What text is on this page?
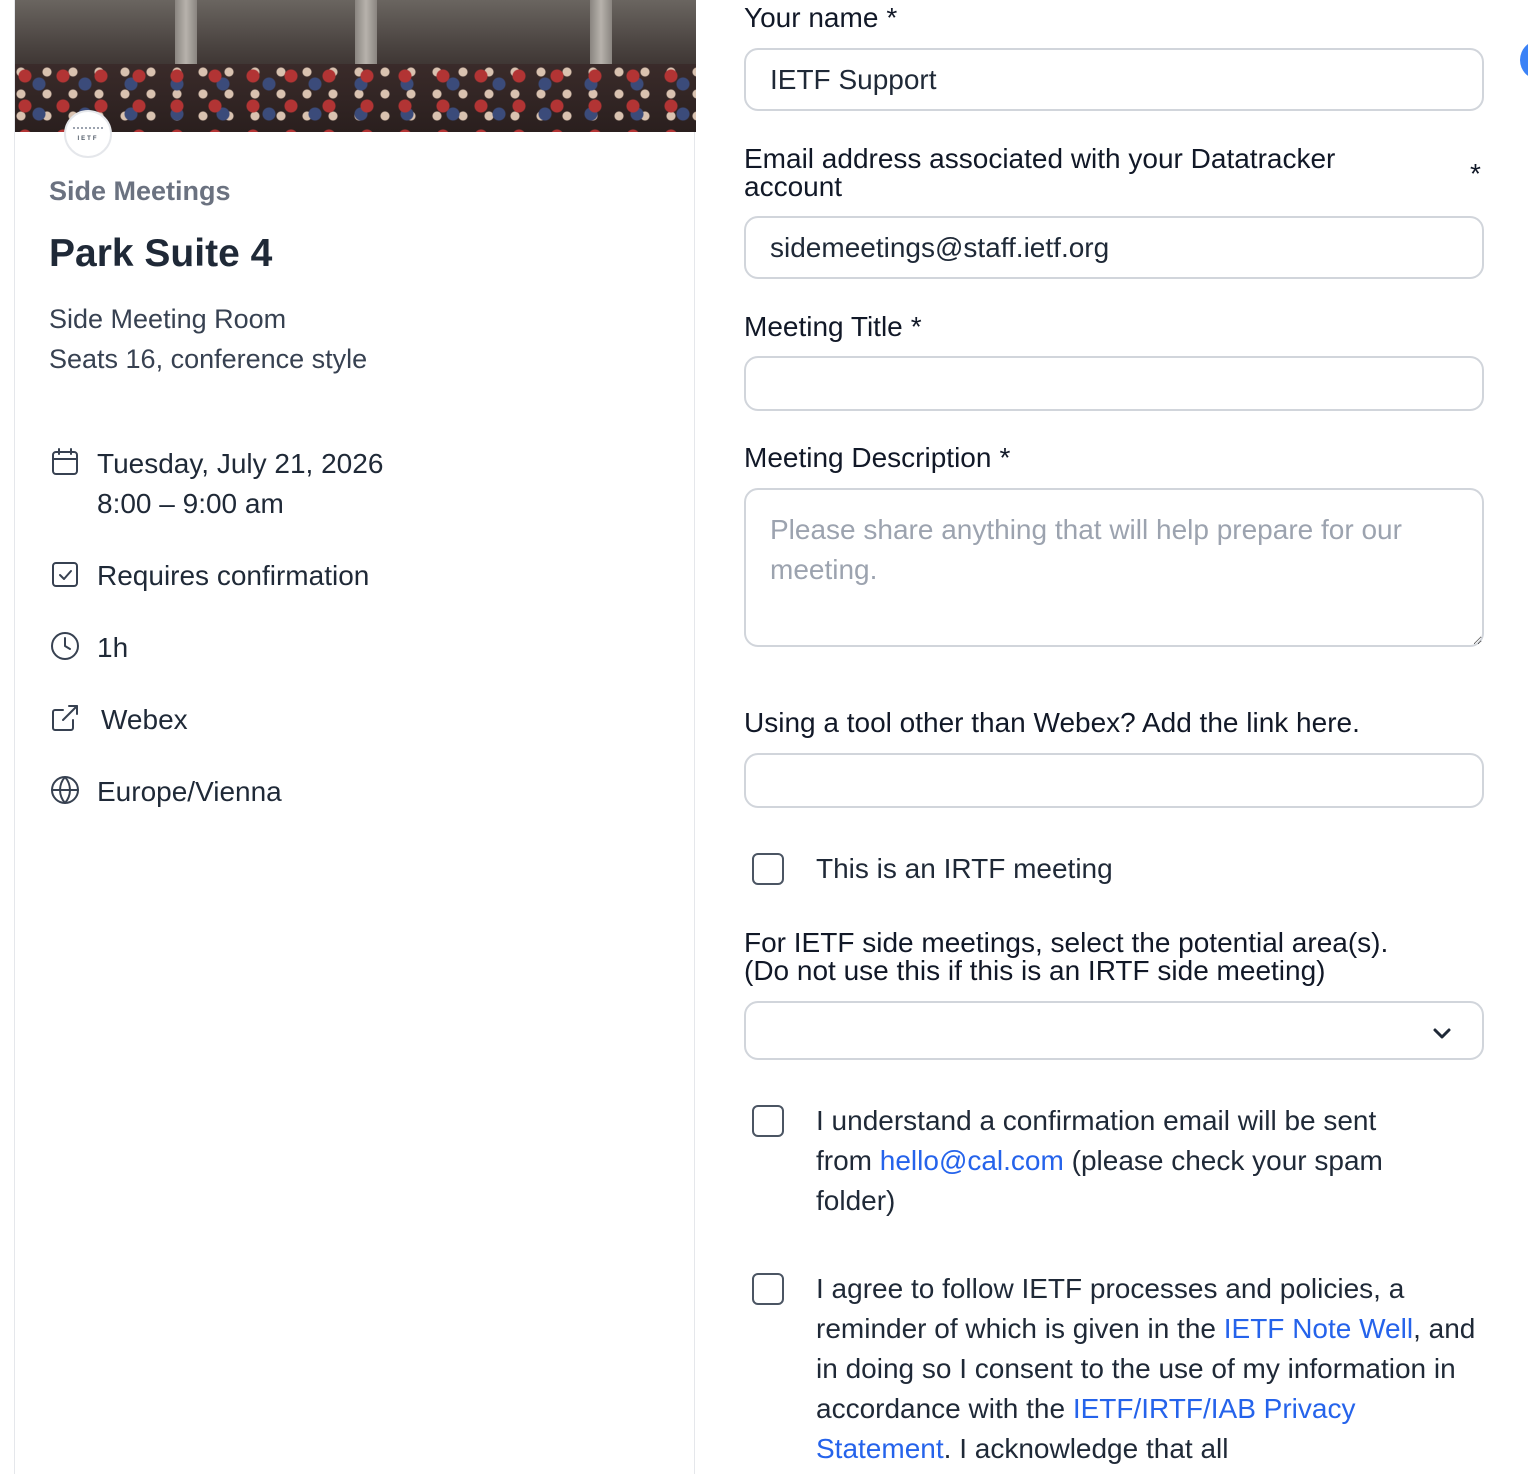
IETF
Side Meetings
Park Suite 4
Side Meeting Room
Seats 16, conference style
Tuesday, July 21, 2026
8:00 – 9:00 am
Requires confirmation
1h
Webex
Europe/Vienna
Your name *
IETF Support
Email address associated with your Datatracker
account	*
sidemeetings@staff.ietf.org
Meeting Title *
Meeting Description *
Please share anything that will help prepare for our meeting.
Using a tool other than Webex? Add the link here.
This is an IRTF meeting
For IETF side meetings, select the potential area(s).
(Do not use this if this is an IRTF side meeting)
I understand a confirmation email will be sent from hello@cal.com (please check your spam folder)
I agree to follow IETF processes and policies, a reminder of which is given in the IETF Note Well, and in doing so I consent to the use of my information in accordance with the IETF/IRTF/IAB Privacy Statement. I acknowledge that all
